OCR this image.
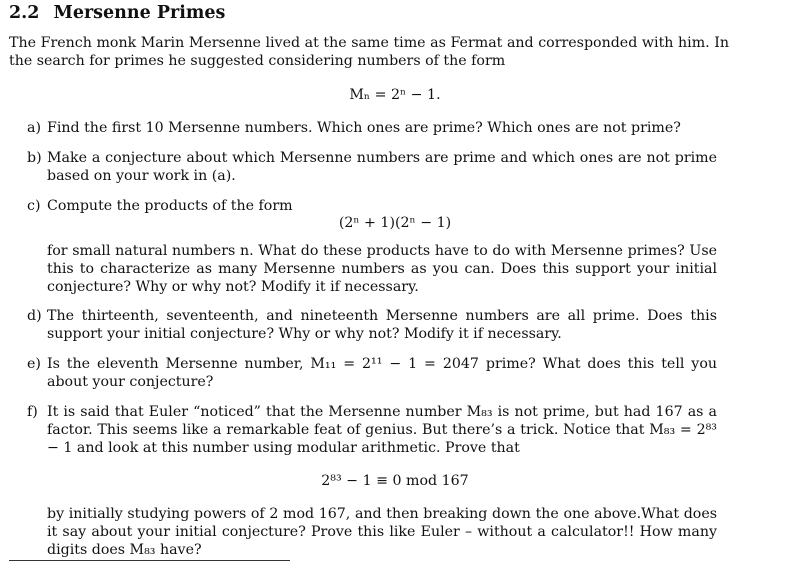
2.2 Mersenne Primes
The French monk Marin Mersenne lived at the same time as Fermat and corresponded with him. In the search for primes he suggested considering numbers of the form
Mₙ = 2ⁿ − 1.
a) Find the first 10 Mersenne numbers. Which ones are prime? Which ones are not prime?
b) Make a conjecture about which Mersenne numbers are prime and which ones are not prime based on your work in (a).
c) Compute the products of the form
(2ⁿ + 1)(2ⁿ − 1)
for small natural numbers n. What do these products have to do with Mersenne primes? Use this to characterize as many Mersenne numbers as you can. Does this support your initial conjecture? Why or why not? Modify it if necessary.
d) The thirteenth, seventeenth, and nineteenth Mersenne numbers are all prime. Does this support your initial conjecture? Why or why not? Modify it if necessary.
e) Is the eleventh Mersenne number, M₁₁ = 2¹¹ − 1 = 2047 prime? What does this tell you about your conjecture?
f) It is said that Euler “noticed” that the Mersenne number M₈₃ is not prime, but had 167 as a factor. This seems like a remarkable feat of genius. But there’s a trick. Notice that M₈₃ = 2⁸³ − 1 and look at this number using modular arithmetic. Prove that
2⁸³ − 1 ≡ 0 mod 167
by initially studying powers of 2 mod 167, and then breaking down the one above.What does it say about your initial conjecture? Prove this like Euler – without a calculator!! How many digits does M₈₃ have?
